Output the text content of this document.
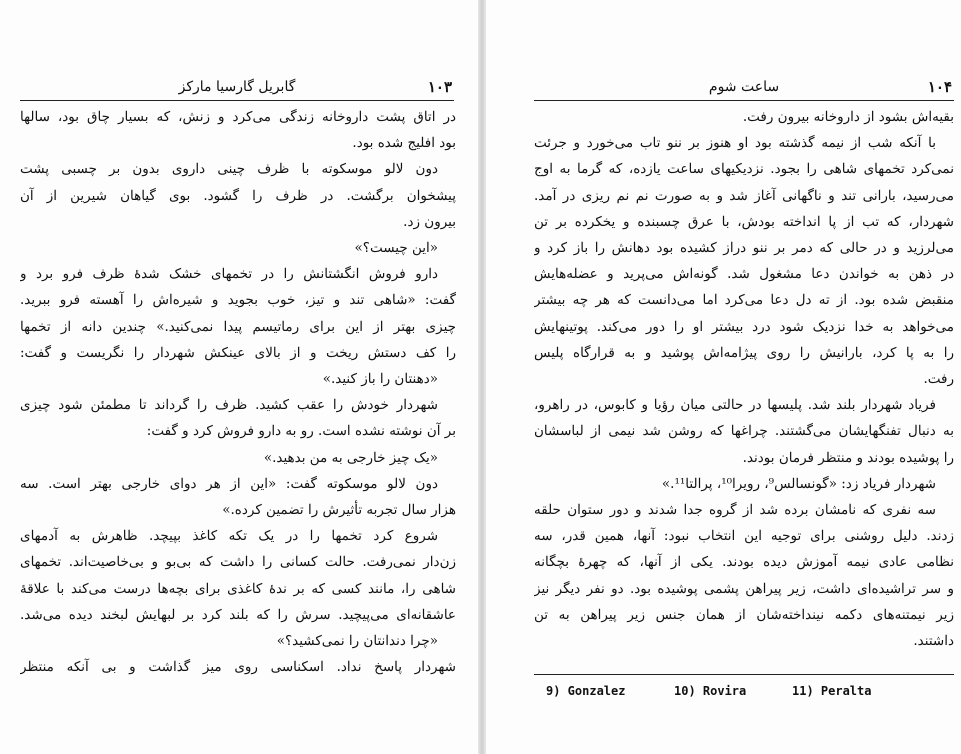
۱۰۳
گابریل گارسیا مارکز
در اتاق پشت داروخانه زندگی می‌کرد و زنش، که بسیار چاق بود، سالها
بود افلیج شده بود.
دون لالو موسکوته با ظرف چینی داروی بدون بر چسبی پشت
پیشخوان برگشت. در ظرف را گشود. بوی گیاهان شیرین از آن
بیرون زد.
«این چیست؟»
دارو فروش انگشتانش را در تخمهای خشک شدهٔ ظرف فرو برد و
گفت: «شاهی تند و تیز، خوب بجوید و شیره‌اش را آهسته فرو ببرید.
چیزی بهتر از این برای رماتیسم پیدا نمی‌کنید.» چندین دانه از تخمها
را کف دستش ریخت و از بالای عینکش شهردار را نگریست و گفت:
«دهنتان را باز کنید.»
شهردار خودش را عقب کشید. ظرف را گرداند تا مطمئن شود چیزی
بر آن نوشته نشده است. رو به دارو فروش کرد و گفت:
«یک چیز خارجی به من بدهید.»
دون لالو موسکوته گفت: «این از هر دوای خارجی بهتر است. سه
هزار سال تجربه تأثیرش را تضمین کرده.»
شروع کرد تخمها را در یک تکه کاغذ بپیچد. ظاهرش به آدمهای
زن‌دار نمی‌رفت. حالت کسانی را داشت که بی‌بو و بی‌خاصیت‌اند. تخمهای
شاهی را، مانند کسی که بر ندهٔ کاغذی برای بچه‌ها درست می‌کند با علاقهٔ
عاشقانه‌ای می‌پیچید. سرش را که بلند کرد بر لبهایش لبخند دیده می‌شد.
«چرا دندانتان را نمی‌کشید؟»
شهردار پاسخ نداد. اسکناسی روی میز گذاشت و بی آنکه منتظر
۱۰۴
ساعت شوم
بقیه‌اش بشود از داروخانه بیرون رفت.
با آنکه شب از نیمه گذشته بود او هنوز بر ننو تاب می‌خورد و جرئت
نمی‌کرد تخمهای شاهی را بجود. نزدیکیهای ساعت یازده، که گرما به اوج
می‌رسید، بارانی تند و ناگهانی آغاز شد و به صورت نم نم ریزی در آمد.
شهردار، که تب از پا انداخته بودش، با عرق چسبنده و یخکرده بر تن
می‌لرزید و در حالی که دمر بر ننو دراز کشیده بود دهانش را باز کرد و
در ذهن به خواندن دعا مشغول شد. گونه‌اش می‌پرید و عضله‌هایش
منقبض شده بود. از ته دل دعا می‌کرد اما می‌دانست که هر چه بیشتر
می‌خواهد به خدا نزدیک شود درد بیشتر او را دور می‌کند. پوتینهایش
را به پا کرد، بارانیش را روی پیژامه‌اش پوشید و به قرارگاه پلیس
رفت.
فریاد شهردار بلند شد. پلیسها در حالتی میان رؤیا و کابوس، در راهرو،
به دنبال تفنگهایشان می‌گشتند. چراغها که روشن شد نیمی از لباسشان
را پوشیده بودند و منتظر فرمان بودند.
شهردار فریاد زد: «گونسالس⁹، رویرا¹⁰، پرالتا¹¹.»
سه نفری که نامشان برده شد از گروه جدا شدند و دور ستوان حلقه
زدند. دلیل روشنی برای توجیه این انتخاب نبود: آنها، همین قدر، سه
نظامی عادی نیمه آموزش دیده بودند. یکی از آنها، که چهرهٔ بچگانه
و سر تراشیده‌ای داشت، زیر پیراهن پشمی پوشیده بود. دو نفر دیگر نیز
زیر نیمتنه‌های دکمه نینداخته‌شان از همان جنس زیر پیراهن به تن
داشتند.
9) Gonzalez	10) Rovira	11) Peralta
